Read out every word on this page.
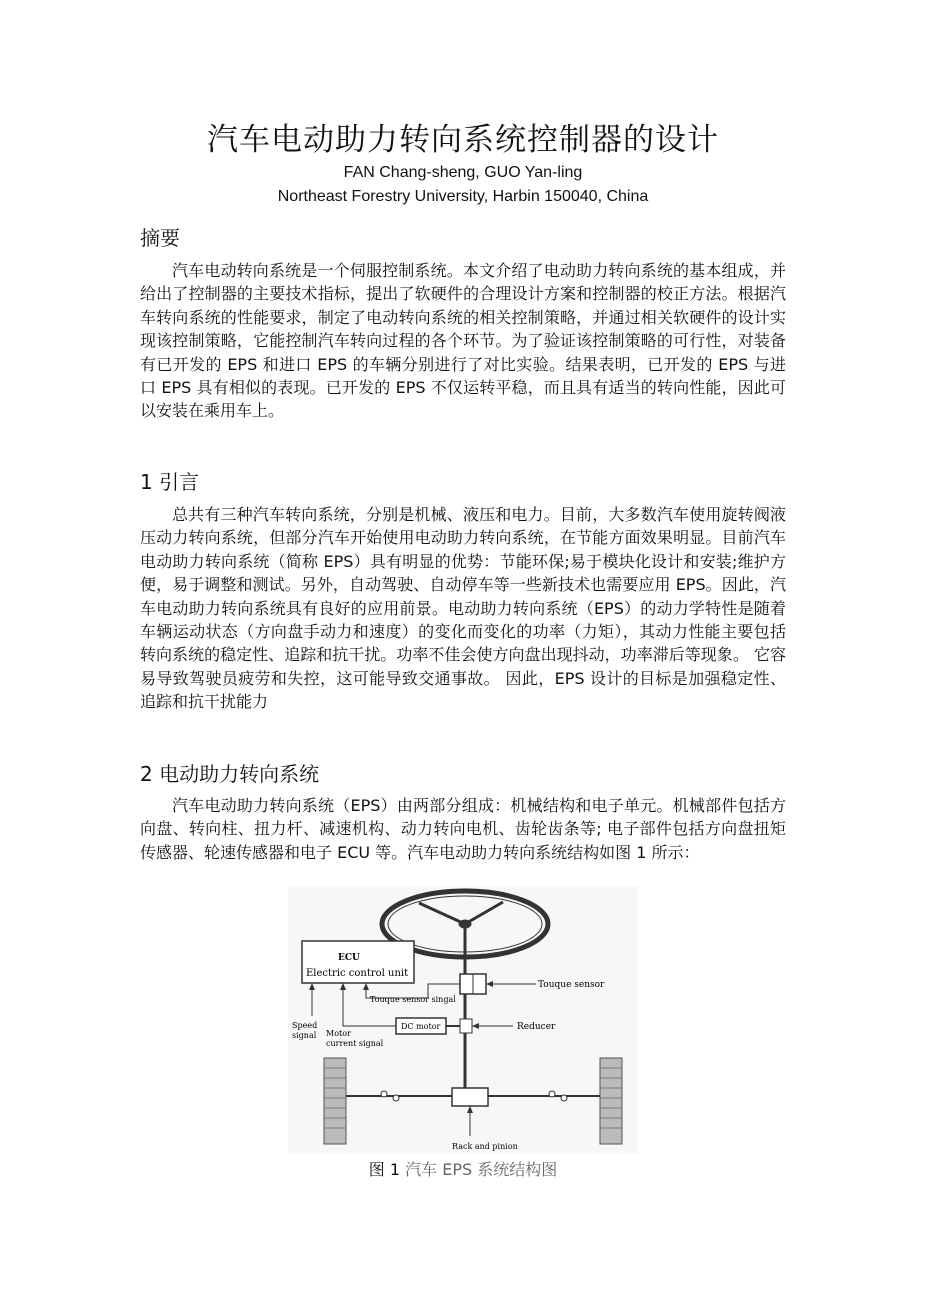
汽车电动助力转向系统控制器的设计
FAN Chang-sheng, GUO Yan-ling
Northeast Forestry University, Harbin 150040, China
摘要

汽车电动转向系统是一个伺服控制系统。本文介绍了电动助力转向系统的基本组成，并给出了控制器的主要技术指标，提出了软硬件的合理设计方案和控制器的校正方法。根据汽车转向系统的性能要求，制定了电动转向系统的相关控制策略，并通过相关软硬件的设计实现该控制策略，它能控制汽车转向过程的各个环节。为了验证该控制策略的可行性，对装备有已开发的 EPS 和进口 EPS 的车辆分别进行了对比实验。结果表明，已开发的 EPS 与进口 EPS 具有相似的表现。已开发的 EPS 不仅运转平稳，而且具有适当的转向性能，因此可以安装在乘用车上。

1 引言

总共有三种汽车转向系统，分别是机械、液压和电力。目前，大多数汽车使用旋转阀液压动力转向系统，但部分汽车开始使用电动助力转向系统，在节能方面效果明显。目前汽车电动助力转向系统（简称 EPS）具有明显的优势：节能环保;易于模块化设计和安装;维护方便，易于调整和测试。另外，自动驾驶、自动停车等一些新技术也需要应用 EPS。因此，汽车电动助力转向系统具有良好的应用前景。电动助力转向系统（EPS）的动力学特性是随着车辆运动状态（方向盘手动力和速度）的变化而变化的功率（力矩），其动力性能主要包括转向系统的稳定性、追踪和抗干扰。功率不佳会使方向盘出现抖动，功率滞后等现象。 它容易导致驾驶员疲劳和失控，这可能导致交通事故。 因此，EPS 设计的目标是加强稳定性、追踪和抗干扰能力

2 电动助力转向系统

汽车电动助力转向系统（EPS）由两部分组成：机械结构和电子单元。机械部件包括方向盘、转向柱、扭力杆、减速机构、动力转向电机、齿轮齿条等; 电子部件包括方向盘扭矩传感器、轮速传感器和电子 ECU 等。汽车电动助力转向系统结构如图 1 所示：

Touque sensor
ECU
Electric control unit
Touque sensor singal
DC motor	Reducer
Motor
current signal
Speed
signal
Rack and pinion
图 1 汽车 EPS 系统结构图
